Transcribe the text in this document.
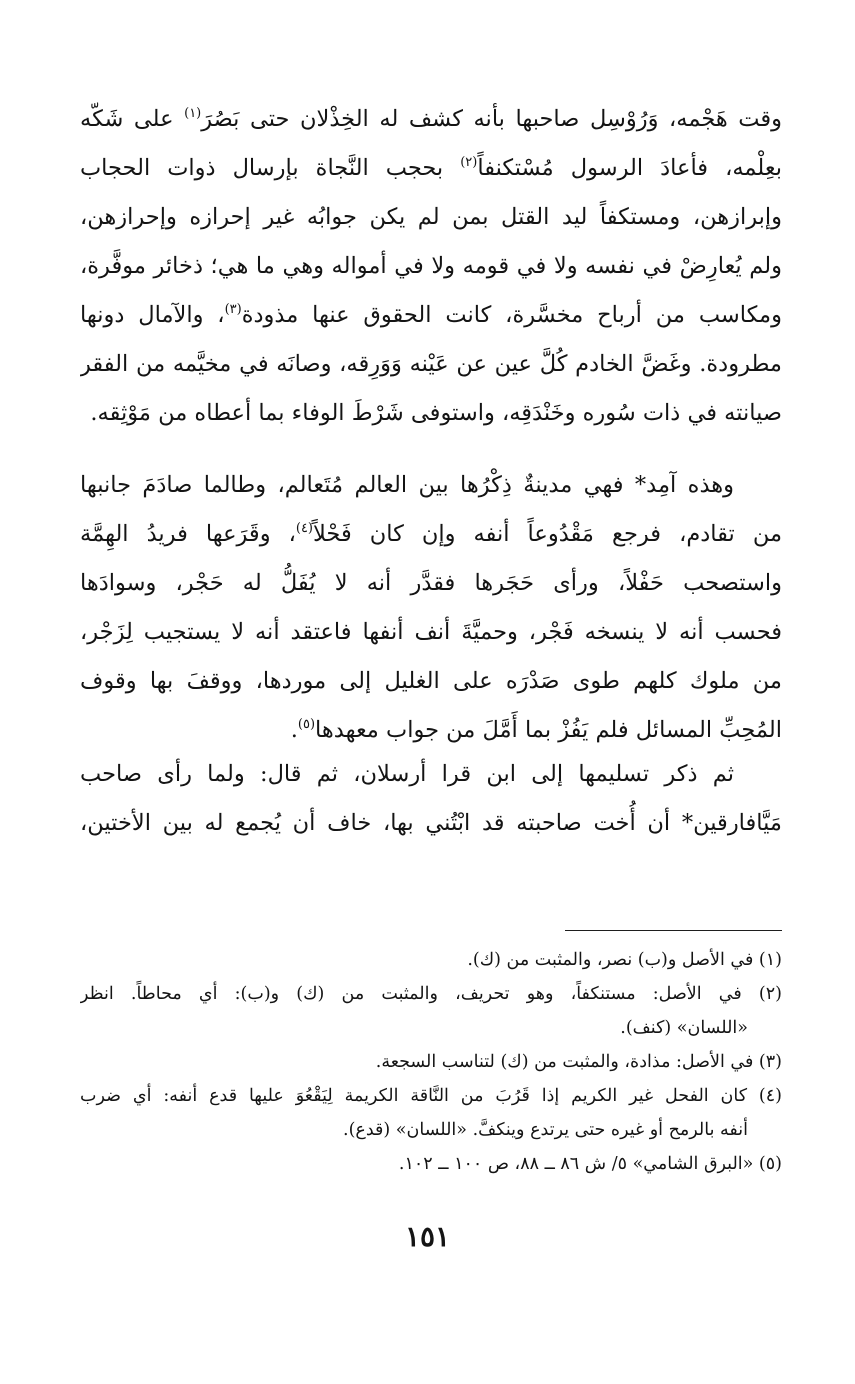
وقت هَجْمه، وَرُوْسِل صاحبها بأنه كشف له الخِذْلان حتى بَصُرَ$^{(١)}$ على شَكّه
بعِلْمه، فأعادَ الرسول مُسْتكنفاً$^{(٢)}$ بحجب النَّجاة بإرسال ذوات الحجاب
وإبرازهن، ومستكفاً ليد القتل بمن لم يكن جوابُه غير إحرازه وإحرازهن،
ولم يُعارِضْ في نفسه ولا في قومه ولا في أمواله وهي ما هي؛ ذخائر موفَّرة،
ومكاسب من أرباح مخسَّرة، كانت الحقوق عنها مذودة$^{(٣)}$، والآمال دونها
مطرودة. وغَضَّ الخادم كُلَّ عين عن عَيْنه وَوَرِقه، وصانَه في مخيَّمه من الفقر
صيانته في ذات سُوره وخَنْدَقِه، واستوفى شَرْطَ الوفاء بما أعطاه من مَوْثِقه.
وهذه آمِد* فهي مدينةٌ ذِكْرُها بين العالم مُتَعالم، وطالما صادَمَ جانبها
من تقادم، فرجع مَقْدُوعاً أنفه وإن كان فَحْلاً$^{(٤)}$، وقَرَعها فريدُ الهِمَّة
واستصحب حَفْلاً، ورأى حَجَرها فقدَّر أنه لا يُفَلُّ له حَجْر، وسوادَها
فحسب أنه لا ينسخه فَجْر، وحميَّةَ أنف أنفها فاعتقد أنه لا يستجيب لِزَجْر،
من ملوك كلهم طوى صَدْرَه على الغليل إلى موردها، ووقفَ بها وقوف
المُحِبِّ المسائل فلم يَفُزْ بما أَمَّلَ من جواب معهدها$^{(٥)}$.
ثم ذكر تسليمها إلى ابن قرا أرسلان، ثم قال: ولما رأى صاحب
مَيَّافارقين* أن أُخت صاحبته قد ابْتُني بها، خاف أن يُجمع له بين الأختين،
(١) في الأصل و(ب) نصر، والمثبت من (ك).
(٢) في الأصل: مستنكفاً، وهو تحريف، والمثبت من (ك) و(ب): أي محاطاً. انظر
«اللسان» (كنف).
(٣) في الأصل: مذادة، والمثبت من (ك) لتناسب السجعة.
(٤) كان الفحل غير الكريم إذا قَرُبَ من النَّاقة الكريمة لِيَقْعُوَ عليها قدع أنفه: أي ضرب
أنفه بالرمح أو غيره حتى يرتدع وينكفَّ. «اللسان» (قدع).
(٥) «البرق الشامي» ٥/ ش ٨٦ ــ ٨٨، ص ١٠٠ ــ ١٠٢.
١٥١
